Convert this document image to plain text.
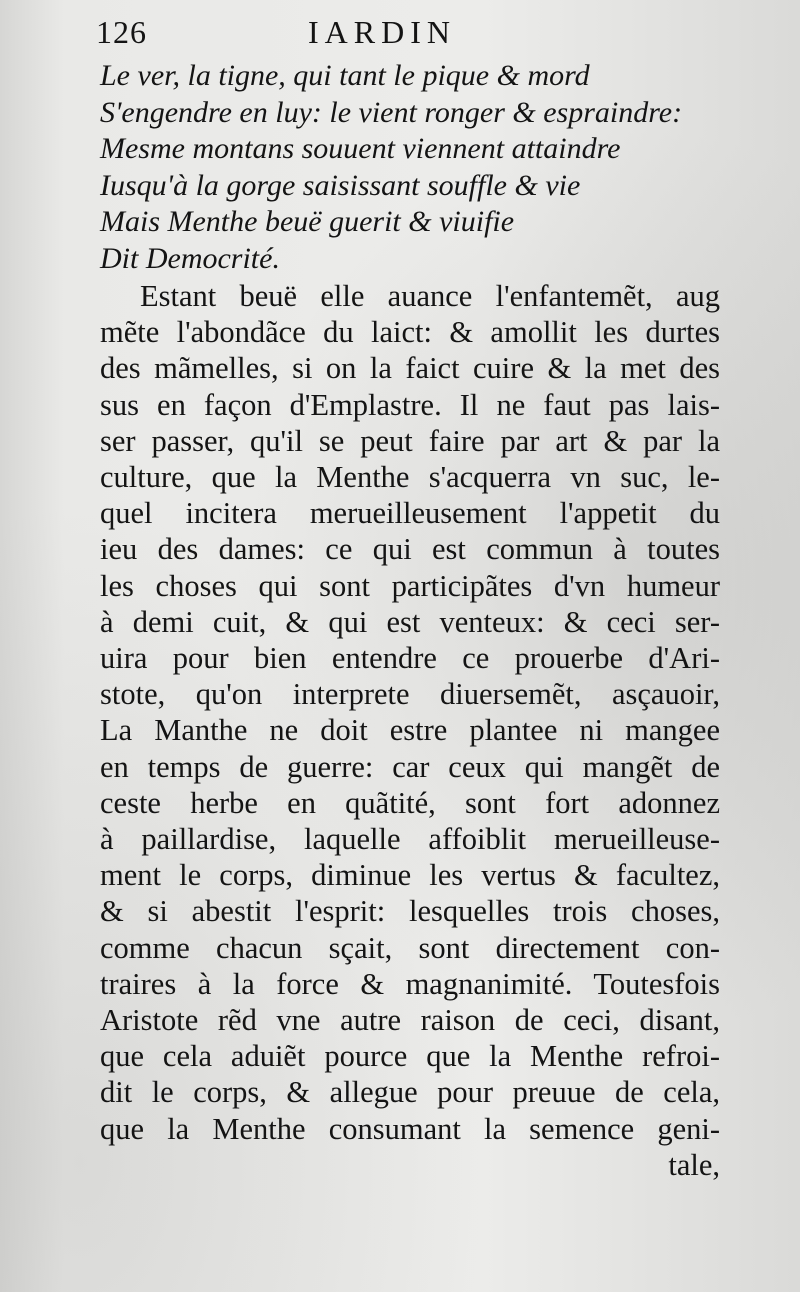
126	IARDIN
Le ver, la tigne, qui tant le pique & mord
S'engendre en luy: le vient ronger & espraindre:
Mesme montans souuent viennent attaindre
Iusqu'à la gorge saisissant souffle & vie
Mais Menthe beuë guerit & viuifie
Dit Democrité.
Estant beuë elle auance l'enfantemẽt, aug
mẽte l'abondãce du laict: & amollit les durtes
des mãmelles, si on la faict cuire & la met des
sus en façon d'Emplastre. Il ne faut pas lais-
ser passer, qu'il se peut faire par art & par la
culture, que la Menthe s'acquerra vn suc, le-
quel incitera merueilleusement l'appetit du
ieu des dames: ce qui est commun à toutes
les choses qui sont participãtes d'vn humeur
à demi cuit, & qui est venteux: & ceci ser-
uira pour bien entendre ce prouerbe d'Ari-
stote, qu'on interprete diuersemẽt, asçauoir,
La Manthe ne doit estre plantee ni mangee
en temps de guerre: car ceux qui mangẽt de
ceste herbe en quãtité, sont fort adonnez
à paillardise, laquelle affoiblit merueilleuse-
ment le corps, diminue les vertus & facultez,
& si abestit l'esprit: lesquelles trois choses,
comme chacun sçait, sont directement con-
traires à la force & magnanimité. Toutesfois
Aristote rẽd vne autre raison de ceci, disant,
que cela aduiẽt pource que la Menthe refroi-
dit le corps, & allegue pour preuue de cela,
que la Menthe consumant la semence geni-
tale,
